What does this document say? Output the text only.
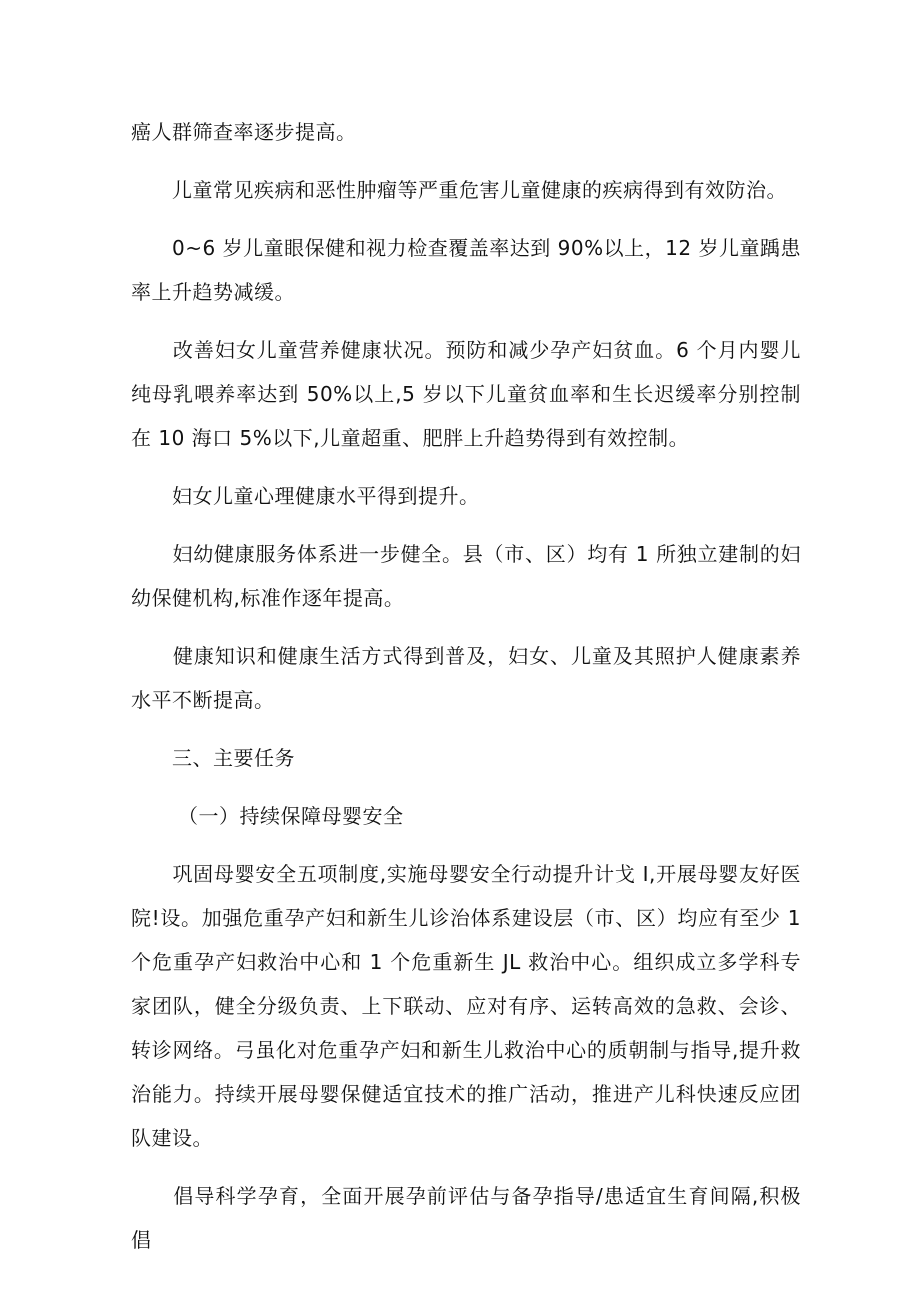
癌人群筛查率逐步提高。

　　儿童常见疾病和恶性肿瘤等严重危害儿童健康的疾病得到有效防治。

　　0~6 岁儿童眼保健和视力检查覆盖率达到 90%以上，12 岁儿童踽患率上升趋势减缓。

　　改善妇女儿童营养健康状况。预防和减少孕产妇贫血。6 个月内婴儿纯母乳喂养率达到 50%以上,5 岁以下儿童贫血率和生长迟缓率分别控制在 10 海口 5%以下,儿童超重、肥胖上升趋势得到有效控制。

　　妇女儿童心理健康水平得到提升。

　　妇幼健康服务体系进一步健全。县（市、区）均有 1 所独立建制的妇幼保健机构,标准作逐年提高。

　　健康知识和健康生活方式得到普及，妇女、儿童及其照护人健康素养水平不断提高。

　　三、主要任务

　　（一）持续保障母婴安全

　　巩固母婴安全五项制度,实施母婴安全行动提升计戈 I,开展母婴友好医院!设。加强危重孕产妇和新生儿诊治体系建设层（市、区）均应有至少 1 个危重孕产妇救治中心和 1 个危重新生 JL 救治中心。组织成立多学科专家团队，健全分级负责、上下联动、应对有序、运转高效的急救、会诊、转诊网络。弓虽化对危重孕产妇和新生儿救治中心的质朝制与指导,提升救治能力。持续开展母婴保健适宜技术的推广活动，推进产儿科快速反应团队建设。

　　倡导科学孕育，全面开展孕前评估与备孕指导/患适宜生育间隔,积极倡
